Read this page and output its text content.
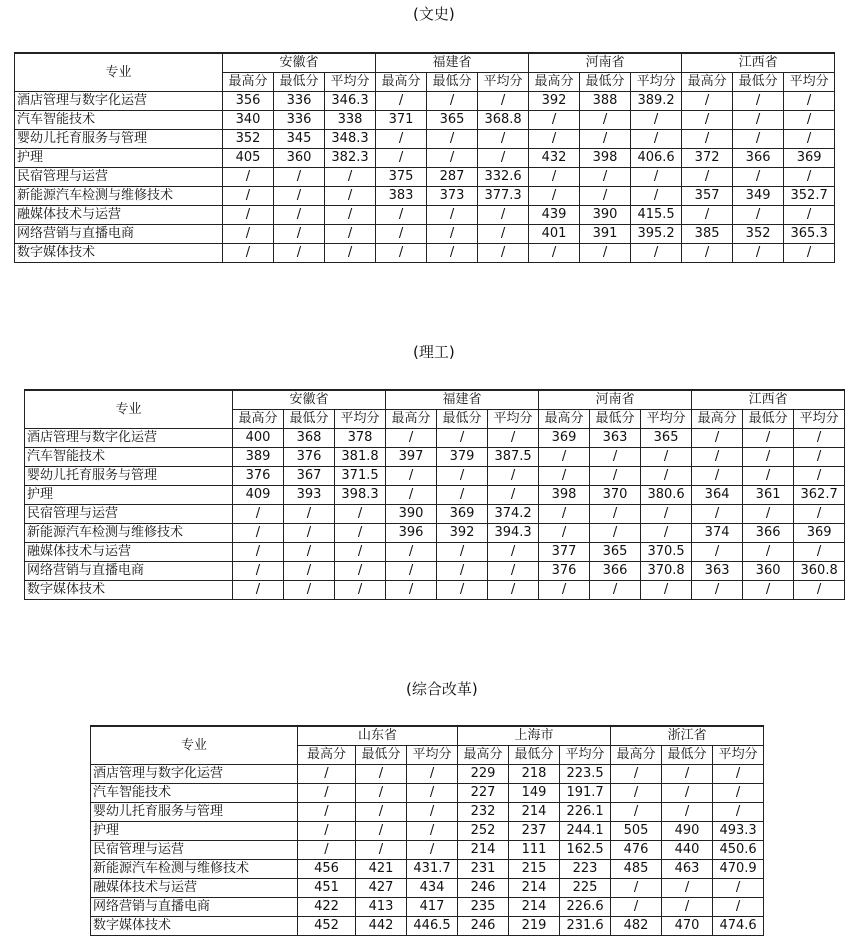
(文史)
专业	安徽省			福建省			河南省			江西省		
	最高分	最低分	平均分	最高分	最低分	平均分	最高分	最低分	平均分	最高分	最低分	平均分
酒店管理与数字化运营	356	336	346.3	/	/	/	392	388	389.2	/	/	/
汽车智能技术	340	336	338	371	365	368.8	/	/	/	/	/	/
婴幼儿托育服务与管理	352	345	348.3	/	/	/	/	/	/	/	/	/
护理	405	360	382.3	/	/	/	432	398	406.6	372	366	369
民宿管理与运营	/	/	/	375	287	332.6	/	/	/	/	/	/
新能源汽车检测与维修技术	/	/	/	383	373	377.3	/	/	/	357	349	352.7
融媒体技术与运营	/	/	/	/	/	/	439	390	415.5	/	/	/
网络营销与直播电商	/	/	/	/	/	/	401	391	395.2	385	352	365.3
数字媒体技术	/	/	/	/	/	/	/	/	/	/	/	/
(理工)
专业	安徽省			福建省			河南省			江西省		
	最高分	最低分	平均分	最高分	最低分	平均分	最高分	最低分	平均分	最高分	最低分	平均分
酒店管理与数字化运营	400	368	378	/	/	/	369	363	365	/	/	/
汽车智能技术	389	376	381.8	397	379	387.5	/	/	/	/	/	/
婴幼儿托育服务与管理	376	367	371.5	/	/	/	/	/	/	/	/	/
护理	409	393	398.3	/	/	/	398	370	380.6	364	361	362.7
民宿管理与运营	/	/	/	390	369	374.2	/	/	/	/	/	/
新能源汽车检测与维修技术	/	/	/	396	392	394.3	/	/	/	374	366	369
融媒体技术与运营	/	/	/	/	/	/	377	365	370.5	/	/	/
网络营销与直播电商	/	/	/	/	/	/	376	366	370.8	363	360	360.8
数字媒体技术	/	/	/	/	/	/	/	/	/	/	/	/
(综合改革)
专业	山东省			上海市			浙江省		
	最高分	最低分	平均分	最高分	最低分	平均分	最高分	最低分	平均分
酒店管理与数字化运营	/	/	/	229	218	223.5	/	/	/
汽车智能技术	/	/	/	227	149	191.7	/	/	/
婴幼儿托育服务与管理	/	/	/	232	214	226.1	/	/	/
护理	/	/	/	252	237	244.1	505	490	493.3
民宿管理与运营	/	/	/	214	111	162.5	476	440	450.6
新能源汽车检测与维修技术	456	421	431.7	231	215	223	485	463	470.9
融媒体技术与运营	451	427	434	246	214	225	/	/	/
网络营销与直播电商	422	413	417	235	214	226.6	/	/	/
数字媒体技术	452	442	446.5	246	219	231.6	482	470	474.6
